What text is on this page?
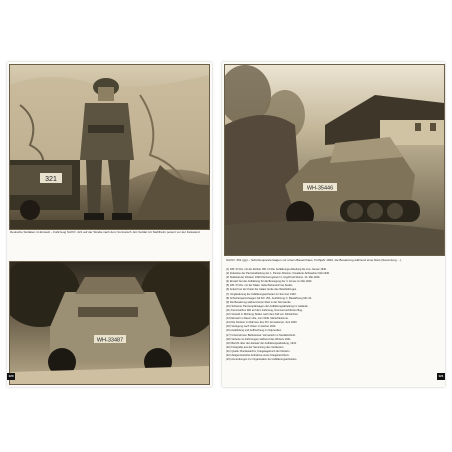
321
Deutsche Soldaten im Einsatz – Fahrzeug Sd.Kfz. 221 auf der Straße nach dem Vormarsch. Ein Soldat mit Stahlhelm posiert vor der Felswand.
WH-33487
120
WH-35446
Sd.Kfz. 251 (gp) – Schützenpanzerwagen vor einem Bauernhaus, Frühjahr 1940, die Besatzung während einer Rast (Sammlung ...).
(1) 180. Pz.Div. mit der Einheit 180. Inf.Div. Aufklärungs-Abteilung bis zum Januar 1940.
(2) Zeitweise der Panzerabteilung der 1. Panzer-Division, Kavallerie-Schwadron Mai 1940.
(3) Stabsteil der Division 1939 Panzerregiment 2, Angriff auf Reims, 13. Mai 1940.
(4) Einsatz bei der Aufklärung für die Bewegung der 4. Armee im Mai 1940.
(5) 180. Pz.Div. vor der Maas: Gefechtsbereich bei Sedan.
(6) Ankunft an der Küste bei Calais: Ende des Westfeldzuges.
(7) Umgliederung der Aufklärungseinheiten im Sommer 1940.
(8) Schützenpanzerwagen Sd.Kfz. 251, Ausführung C, Bewaffnung MG 34.
(9) Die Besatzung während einer Rast in der Normandie.
(10) Schwerer Panzerspähwagen der Aufklärungsabteilung im Gelände.
(11) Kennzeichen WH auf dem Fahrzeug, Nummernschild am Bug.
(12) Vorstoß in Richtung Süden nach dem Fall von Dünkirchen.
(13) Einsatz im Raum Lille, Juni 1940, Marschkolonne.
(14) Die Division im Rahmen des XIV. Armeekorps, Juni 1940.
(15) Verlegung nach Osten im Herbst 1940.
(16) Ausbildung und Auffrischung in Ostpreußen.
(17) Unternehmen Barbarossa: Vormarsch im Nordabschnitt.
(18) Verluste an Fahrzeugen während des Winters 1941.
(19) Bericht über den Einsatz der Aufklärungsabteilung, 1941.
(20) Fotografie aus der Sammlung des Verfassers.
(21) Quelle: Bundesarchiv, Kriegstagebuch der Division.
(22) Zeitgenössische Aufnahme eines Kriegsberichters.
(23) Anmerkungen zur Organisation der Aufklärungseinheiten.
121
